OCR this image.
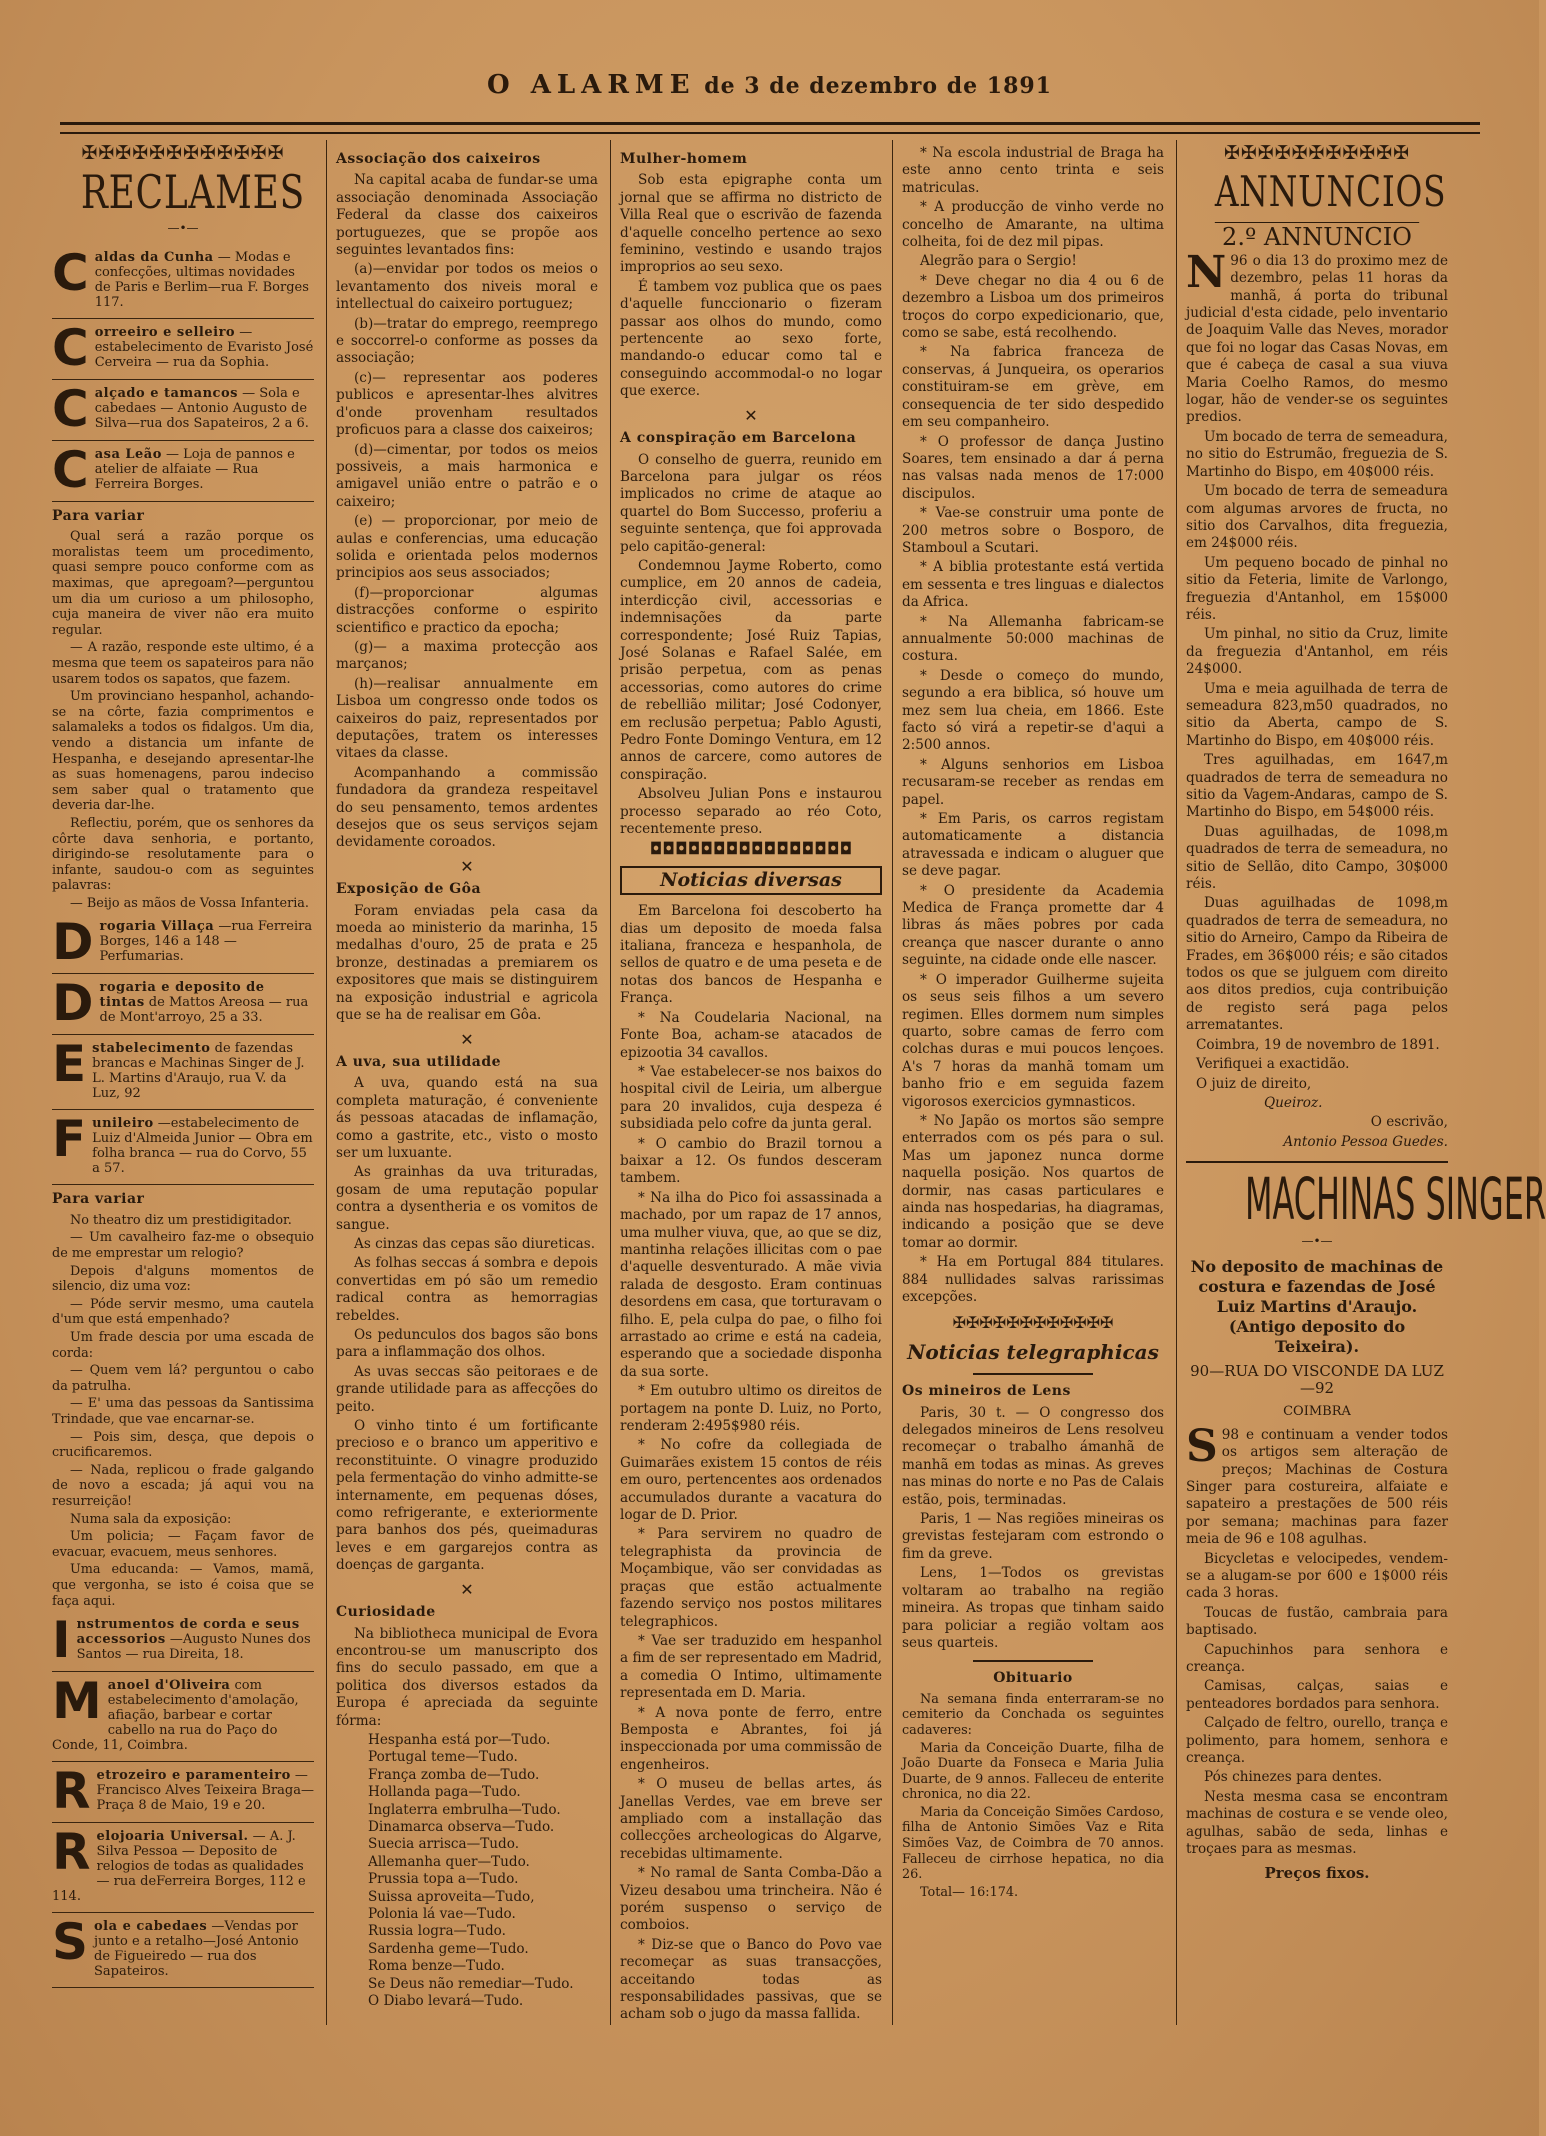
O ALARME de 3 de dezembro de 1891
✠✠✠✠✠✠✠✠✠✠✠✠
RECLAMES
—•—
C aldas da Cunha — Modas e confecções, ultimas novidades de Paris e Berlim—rua F. Borges 117.
C orreeiro e selleiro — estabelecimento de Evaristo José Cerveira — rua da Sophia.
C alçado e tamancos — Sola e cabedaes — Antonio Augusto de Silva—rua dos Sapateiros, 2 a 6.
C asa Leão — Loja de pannos e atelier de alfaiate — Rua Ferreira Borges.
Para variar

Qual será a razão porque os moralistas teem um procedimento, quasi sempre pouco conforme com as maximas, que apregoam?—perguntou um dia um curioso a um philosopho, cuja maneira de viver não era muito regular.

— A razão, responde este ultimo, é a mesma que teem os sapateiros para não usarem todos os sapatos, que fazem.

Um provinciano hespanhol, achando-se na côrte, fazia comprimentos e salamaleks a todos os fidalgos. Um dia, vendo a distancia um infante de Hespanha, e desejando apresentar-lhe as suas homenagens, parou indeciso sem saber qual o tratamento que deveria dar-lhe.

Reflectiu, porém, que os senhores da côrte dava senhoria, e portanto, dirigindo-se resolutamente para o infante, saudou-o com as seguintes palavras:

— Beijo as mãos de Vossa Infanteria.

D rogaria Villaça —rua Ferreira Borges, 146 a 148 — Perfumarias.
D rogaria e deposito de tintas de Mattos Areosa — rua de Mont'arroyo, 25 a 33.
E stabelecimento de fazendas brancas e Machinas Singer de J. L. Martins d'Araujo, rua V. da Luz, 92
F unileiro —estabelecimento de Luiz d'Almeida Junior — Obra em folha branca — rua do Corvo, 55 a 57.
Para variar

No theatro diz um prestidigitador.

— Um cavalheiro faz-me o obsequio de me emprestar um relogio?

Depois d'alguns momentos de silencio, diz uma voz:

— Póde servir mesmo, uma cautela d'um que está empenhado?

Um frade descia por uma escada de corda:

— Quem vem lá? perguntou o cabo da patrulha.

— E' uma das pessoas da Santissima Trindade, que vae encarnar-se.

— Pois sim, desça, que depois o crucificaremos.

— Nada, replicou o frade galgando de novo a escada; já aqui vou na resurreição!

Numa sala da exposição:

Um policia; — Façam favor de evacuar, evacuem, meus senhores.

Uma educanda: — Vamos, mamã, que vergonha, se isto é coisa que se faça aqui.

I nstrumentos de corda e seus accessorios —Augusto Nunes dos Santos — rua Direita, 18.
M anoel d'Oliveira com estabelecimento d'amolação, afiação, barbear e cortar cabello na rua do Paço do Conde, 11, Coimbra.
R etrozeiro e paramenteiro —Francisco Alves Teixeira Braga—Praça 8 de Maio, 19 e 20.
R elojoaria Universal. — A. J. Silva Pessoa — Deposito de relogios de todas as qualidades — rua deFerreira Borges, 112 e 114.
S ola e cabedaes —Vendas por junto e a retalho—José Antonio de Figueiredo — rua dos Sapateiros.
Associação dos caixeiros

Na capital acaba de fundar-se uma associação denominada Associação Federal da classe dos caixeiros portuguezes, que se propõe aos seguintes levantados fins:

(a)—envidar por todos os meios o levantamento dos niveis moral e intellectual do caixeiro portuguez;

(b)—tratar do emprego, reemprego e soccorrel-o conforme as posses da associação;

(c)— representar aos poderes publicos e apresentar-lhes alvitres d'onde provenham resultados proficuos para a classe dos caixeiros;

(d)—cimentar, por todos os meios possiveis, a mais harmonica e amigavel união entre o patrão e o caixeiro;

(e) — proporcionar, por meio de aulas e conferencias, uma educação solida e orientada pelos modernos principios aos seus associados;

(f)—proporcionar algumas distracções conforme o espirito scientifico e practico da epocha;

(g)— a maxima protecção aos marçanos;

(h)—realisar annualmente em Lisboa um congresso onde todos os caixeiros do paiz, representados por deputações, tratem os interesses vitaes da classe.

Acompanhando a commissão fundadora da grandeza respeitavel do seu pensamento, temos ardentes desejos que os seus serviços sejam devidamente coroados.

✕
Exposição de Gôa

Foram enviadas pela casa da moeda ao ministerio da marinha, 15 medalhas d'ouro, 25 de prata e 25 bronze, destinadas a premiarem os expositores que mais se distinguirem na exposição industrial e agricola que se ha de realisar em Gôa.

✕
A uva, sua utilidade

A uva, quando está na sua completa maturação, é conveniente ás pessoas atacadas de inflamação, como a gastrite, etc., visto o mosto ser um luxuante.

As grainhas da uva trituradas, gosam de uma reputação popular contra a dysentheria e os vomitos de sangue.

As cinzas das cepas são diureticas.

As folhas seccas á sombra e depois convertidas em pó são um remedio radical contra as hemorragias rebeldes.

Os pedunculos dos bagos são bons para a inflammação dos olhos.

As uvas seccas são peitoraes e de grande utilidade para as affecções do peito.

O vinho tinto é um fortificante precioso e o branco um apperitivo e reconstituinte. O vinagre produzido pela fermentação do vinho admitte-se internamente, em pequenas dóses, como refrigerante, e exteriormente para banhos dos pés, queimaduras leves e em gargarejos contra as doenças de garganta.

✕
Curiosidade

Na bibliotheca municipal de Evora encontrou-se um manuscripto dos fins do seculo passado, em que a politica dos diversos estados da Europa é apreciada da seguinte fórma:

Hespanha está por—Tudo.

Portugal teme—Tudo.

França zomba de—Tudo.

Hollanda paga—Tudo.

Inglaterra embrulha—Tudo.

Dinamarca observa—Tudo.

Suecia arrisca—Tudo.

Allemanha quer—Tudo.

Prussia topa a—Tudo.

Suissa aproveita—Tudo,

Polonia lá vae—Tudo.

Russia logra—Tudo.

Sardenha geme—Tudo.

Roma benze—Tudo.

Se Deus não remediar—Tudo.

O Diabo levará—Tudo.

Mulher-homem

Sob esta epigraphe conta um jornal que se affirma no districto de Villa Real que o escrivão de fazenda d'aquelle concelho pertence ao sexo feminino, vestindo e usando trajos improprios ao seu sexo.

É tambem voz publica que os paes d'aquelle funccionario o fizeram passar aos olhos do mundo, como pertencente ao sexo forte, mandando-o educar como tal e conseguindo accommodal-o no logar que exerce.

✕
A conspiração em Barcelona

O conselho de guerra, reunido em Barcelona para julgar os réos implicados no crime de ataque ao quartel do Bom Successo, proferiu a seguinte sentença, que foi approvada pelo capitão-general:

Condemnou Jayme Roberto, como cumplice, em 20 annos de cadeia, interdicção civil, accessorias e indemnisações da parte correspondente; José Ruiz Tapias, José Solanas e Rafael Salée, em prisão perpetua, com as penas accessorias, como autores do crime de rebellião militar; José Codonyer, em reclusão perpetua; Pablo Agusti, Pedro Fonte Domingo Ventura, em 12 annos de carcere, como autores de conspiração.

Absolveu Julian Pons e instaurou processo separado ao réo Coto, recentemente preso.

◘◘◘◘◘◘◘◘◘◘◘◘◘◘◘◘
Noticias diversas

Em Barcelona foi descoberto ha dias um deposito de moeda falsa italiana, franceza e hespanhola, de sellos de quatro e de uma peseta e de notas dos bancos de Hespanha e França.

* Na Coudelaria Nacional, na Fonte Boa, acham-se atacados de epizootia 34 cavallos.

* Vae estabelecer-se nos baixos do hospital civil de Leiria, um albergue para 20 invalidos, cuja despeza é subsidiada pelo cofre da junta geral.

* O cambio do Brazil tornou a baixar a 12. Os fundos desceram tambem.

* Na ilha do Pico foi assassinada a machado, por um rapaz de 17 annos, uma mulher viuva, que, ao que se diz, mantinha relações illicitas com o pae d'aquelle desventurado. A mãe vivia ralada de desgosto. Eram continuas desordens em casa, que torturavam o filho. E, pela culpa do pae, o filho foi arrastado ao crime e está na cadeia, esperando que a sociedade disponha da sua sorte.

* Em outubro ultimo os direitos de portagem na ponte D. Luiz, no Porto, renderam 2:495$980 réis.

* No cofre da collegiada de Guimarães existem 15 contos de réis em ouro, pertencentes aos ordenados accumulados durante a vacatura do logar de D. Prior.

* Para servirem no quadro de telegraphista da provincia de Moçambique, vão ser convidadas as praças que estão actualmente fazendo serviço nos postos militares telegraphicos.

* Vae ser traduzido em hespanhol a fim de ser representado em Madrid, a comedia O Intimo, ultimamente representada em D. Maria.

* A nova ponte de ferro, entre Bemposta e Abrantes, foi já inspeccionada por uma commissão de engenheiros.

* O museu de bellas artes, ás Janellas Verdes, vae em breve ser ampliado com a installação das collecções archeologicas do Algarve, recebidas ultimamente.

* No ramal de Santa Comba-Dão a Vizeu desabou uma trincheira. Não é porém suspenso o serviço de comboios.

* Diz-se que o Banco do Povo vae recomeçar as suas transacções, acceitando todas as responsabilidades passivas, que se acham sob o jugo da massa fallida.

* Na escola industrial de Braga ha este anno cento trinta e seis matriculas.

* A producção de vinho verde no concelho de Amarante, na ultima colheita, foi de dez mil pipas.

Alegrão para o Sergio!

* Deve chegar no dia 4 ou 6 de dezembro a Lisboa um dos primeiros troços do corpo expedicionario, que, como se sabe, está recolhendo.

* Na fabrica franceza de conservas, á Junqueira, os operarios constituiram-se em grève, em consequencia de ter sido despedido em seu companheiro.

* O professor de dança Justino Soares, tem ensinado a dar á perna nas valsas nada menos de 17:000 discipulos.

* Vae-se construir uma ponte de 200 metros sobre o Bosporo, de Stamboul a Scutari.

* A biblia protestante está vertida em sessenta e tres linguas e dialectos da Africa.

* Na Allemanha fabricam-se annualmente 50:000 machinas de costura.

* Desde o começo do mundo, segundo a era biblica, só houve um mez sem lua cheia, em 1866. Este facto só virá a repetir-se d'aqui a 2:500 annos.

* Alguns senhorios em Lisboa recusaram-se receber as rendas em papel.

* Em Paris, os carros registam automaticamente a distancia atravessada e indicam o aluguer que se deve pagar.

* O presidente da Academia Medica de França promette dar 4 libras ás mães pobres por cada creança que nascer durante o anno seguinte, na cidade onde elle nascer.

* O imperador Guilherme sujeita os seus seis filhos a um severo regimen. Elles dormem num simples quarto, sobre camas de ferro com colchas duras e mui poucos lençoes. A's 7 horas da manhã tomam um banho frio e em seguida fazem vigorosos exercicios gymnasticos.

* No Japão os mortos são sempre enterrados com os pés para o sul. Mas um japonez nunca dorme naquella posição. Nos quartos de dormir, nas casas particulares e ainda nas hospedarias, ha diagramas, indicando a posição que se deve tomar ao dormir.

* Ha em Portugal 884 titulares. 884 nullidades salvas rarissimas excepções.

✠✠✠✠✠✠✠✠✠✠✠✠
Noticias telegraphicas
Os mineiros de Lens

Paris, 30 t. — O congresso dos delegados mineiros de Lens resolveu recomeçar o trabalho ámanhã de manhã em todas as minas. As greves nas minas do norte e no Pas de Calais estão, pois, terminadas.

Paris, 1 — Nas regiões mineiras os grevistas festejaram com estrondo o fim da greve.

Lens, 1—Todos os grevistas voltaram ao trabalho na região mineira. As tropas que tinham saido para policiar a região voltam aos seus quarteis.

Obituario

Na semana finda enterraram-se no cemiterio da Conchada os seguintes cadaveres:

Maria da Conceição Duarte, filha de João Duarte da Fonseca e Maria Julia Duarte, de 9 annos. Falleceu de enterite chronica, no dia 22.

Maria da Conceição Simões Cardoso, filha de Antonio Simões Vaz e Rita Simões Vaz, de Coimbra de 70 annos. Falleceu de cirrhose hepatica, no dia 26.

Total— 16:174.

✠✠✠✠✠✠✠✠✠✠✠
ANNUNCIOS
2.º ANNUNCIO

96
N o dia 13 do proximo mez de dezembro, pelas 11 horas da manhã, á porta do tribunal judicial d'esta cidade, pelo inventario de Joaquim Valle das Neves, morador que foi no logar das Casas Novas, em que é cabeça de casal a sua viuva Maria Coelho Ramos, do mesmo logar, hão de vender-se os seguintes predios.

Um bocado de terra de semeadura, no sitio do Estrumão, freguezia de S. Martinho do Bispo, em 40$000 réis.

Um bocado de terra de semeadura com algumas arvores de fructa, no sitio dos Carvalhos, dita freguezia, em 24$000 réis.

Um pequeno bocado de pinhal no sitio da Feteria, limite de Varlongo, freguezia d'Antanhol, em 15$000 réis.

Um pinhal, no sitio da Cruz, limite da freguezia d'Antanhol, em réis 24$000.

Uma e meia aguilhada de terra de semeadura 823,m50 quadrados, no sitio da Aberta, campo de S. Martinho do Bispo, em 40$000 réis.

Tres aguilhadas, em 1647,m quadrados de terra de semeadura no sitio da Vagem-Andaras, campo de S. Martinho do Bispo, em 54$000 réis.

Duas aguilhadas, de 1098,m quadrados de terra de semeadura, no sitio de Sellão, dito Campo, 30$000 réis.

Duas aguilhadas de 1098,m quadrados de terra de semeadura, no sitio do Arneiro, Campo da Ribeira de Frades, em 36$000 réis; e são citados todos os que se julguem com direito aos ditos predios, cuja contribuição de registo será paga pelos arrematantes.

Coimbra, 19 de novembro de 1891.

Verifiquei a exactidão.

O juiz de direito,

Queiroz.

O escrivão,

Antonio Pessoa Guedes.

MACHINAS SINGER
—•—

No deposito de machinas de costura e fazendas de José Luiz Martins d'Araujo. (Antigo deposito do Teixeira).

90—RUA DO VISCONDE DA LUZ—92

COIMBRA

98
S e continuam a vender todos os artigos sem alteração de preços; Machinas de Costura Singer para costureira, alfaiate e sapateiro a prestações de 500 réis por semana; machinas para fazer meia de 96 e 108 agulhas.

Bicycletas e velocipedes, vendem-se a alugam-se por 600 e 1$000 réis cada 3 horas.

Toucas de fustão, cambraia para baptisado.

Capuchinhos para senhora e creança.

Camisas, calças, saias e penteadores bordados para senhora.

Calçado de feltro, ourello, trança e polimento, para homem, senhora e creança.

Pós chinezes para dentes.

Nesta mesma casa se encontram machinas de costura e se vende oleo, agulhas, sabão de seda, linhas e troçaes para as mesmas.

Preços fixos.
